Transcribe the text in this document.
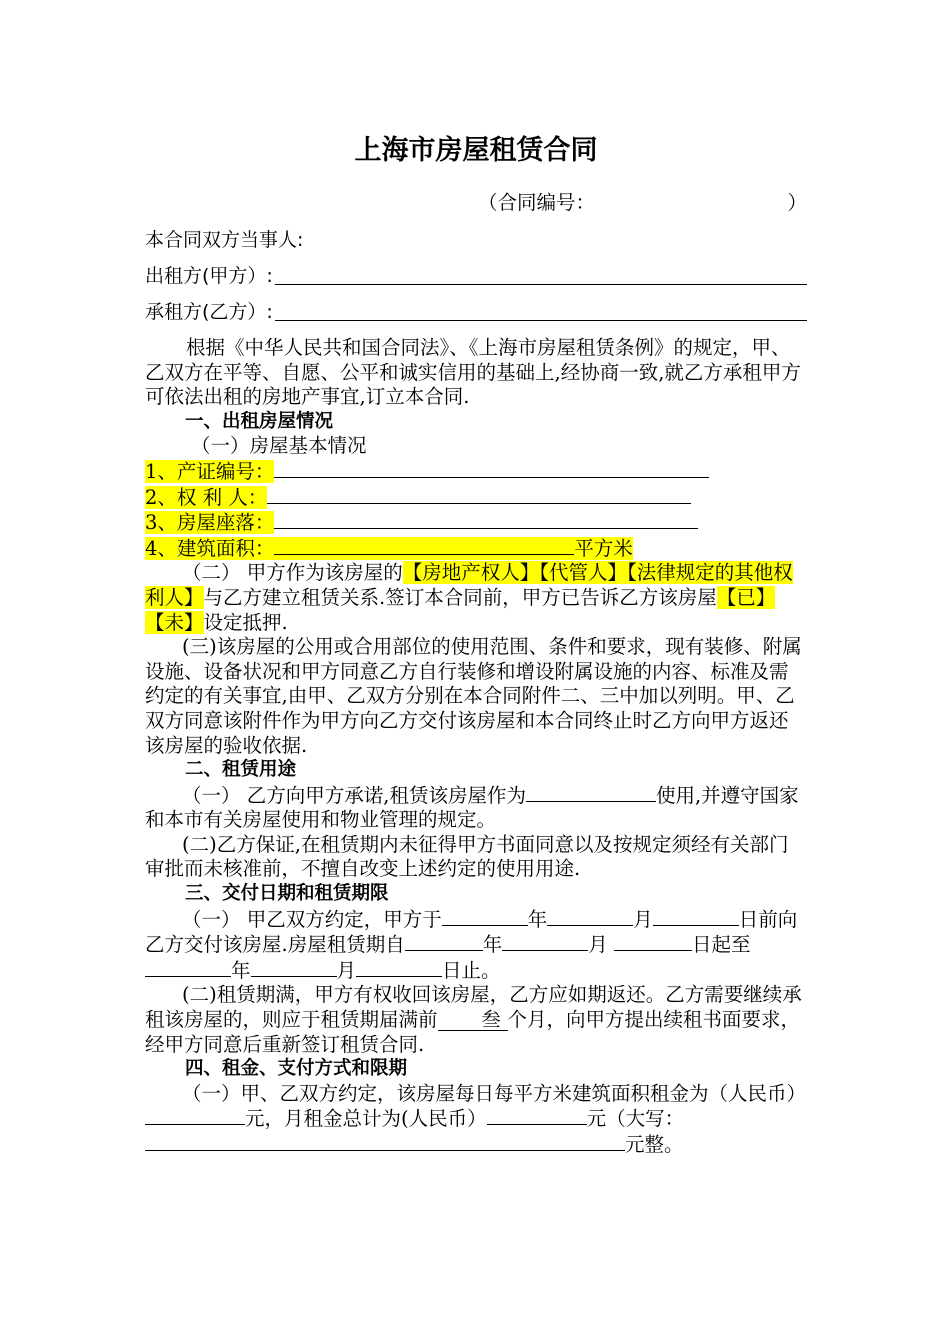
上海市房屋租赁合同
（合同编号：	）
本合同双方当事人:
出租方(甲方）:
承租方(乙方）:

根据《中华人民共和国合同法》、《上海市房屋租赁条例》的规定，甲、乙双方在平等、自愿、公平和诚实信用的基础上,经协商一致,就乙方承租甲方可依法出租的房地产事宜,订立本合同.

一、出租房屋情况

（一）房屋基本情况

1、产证编号：
2、权 利 人：
3、房屋座落：
4、建筑面积：	平方米

（二） 甲方作为该房屋的【房地产权人】【代管人】【法律规定的其他权利人】与乙方建立租赁关系.签订本合同前，甲方已告诉乙方该房屋【已】【未】设定抵押.

(三)该房屋的公用或合用部位的使用范围、条件和要求，现有装修、附属设施、设备状况和甲方同意乙方自行装修和增设附属设施的内容、标准及需约定的有关事宜,由甲、乙双方分别在本合同附件二、三中加以列明。甲、乙双方同意该附件作为甲方向乙方交付该房屋和本合同终止时乙方向甲方返还该房屋的验收依据.

二、租赁用途

（一） 乙方向甲方承诺,租赁该房屋作为	使用,并遵守国家和本市有关房屋使用和物业管理的规定。

(二)乙方保证,在租赁期内未征得甲方书面同意以及按规定须经有关部门审批而未核准前，不擅自改变上述约定的使用用途.

三、交付日期和租赁期限

（一） 甲乙双方约定，甲方于	年	月	日前向乙方交付该房屋.房屋租赁期自	年	月	日起至年	月	日止。

(二)租赁期满，甲方有权收回该房屋，乙方应如期返还。乙方需要继续承租该房屋的，则应于租赁期届满前 叁 个月，向甲方提出续租书面要求，经甲方同意后重新签订租赁合同.

四、租金、支付方式和限期

（一）甲、乙双方约定，该房屋每日每平方米建筑面积租金为（人民币）元，月租金总计为(人民币）	元（大写：元整。
